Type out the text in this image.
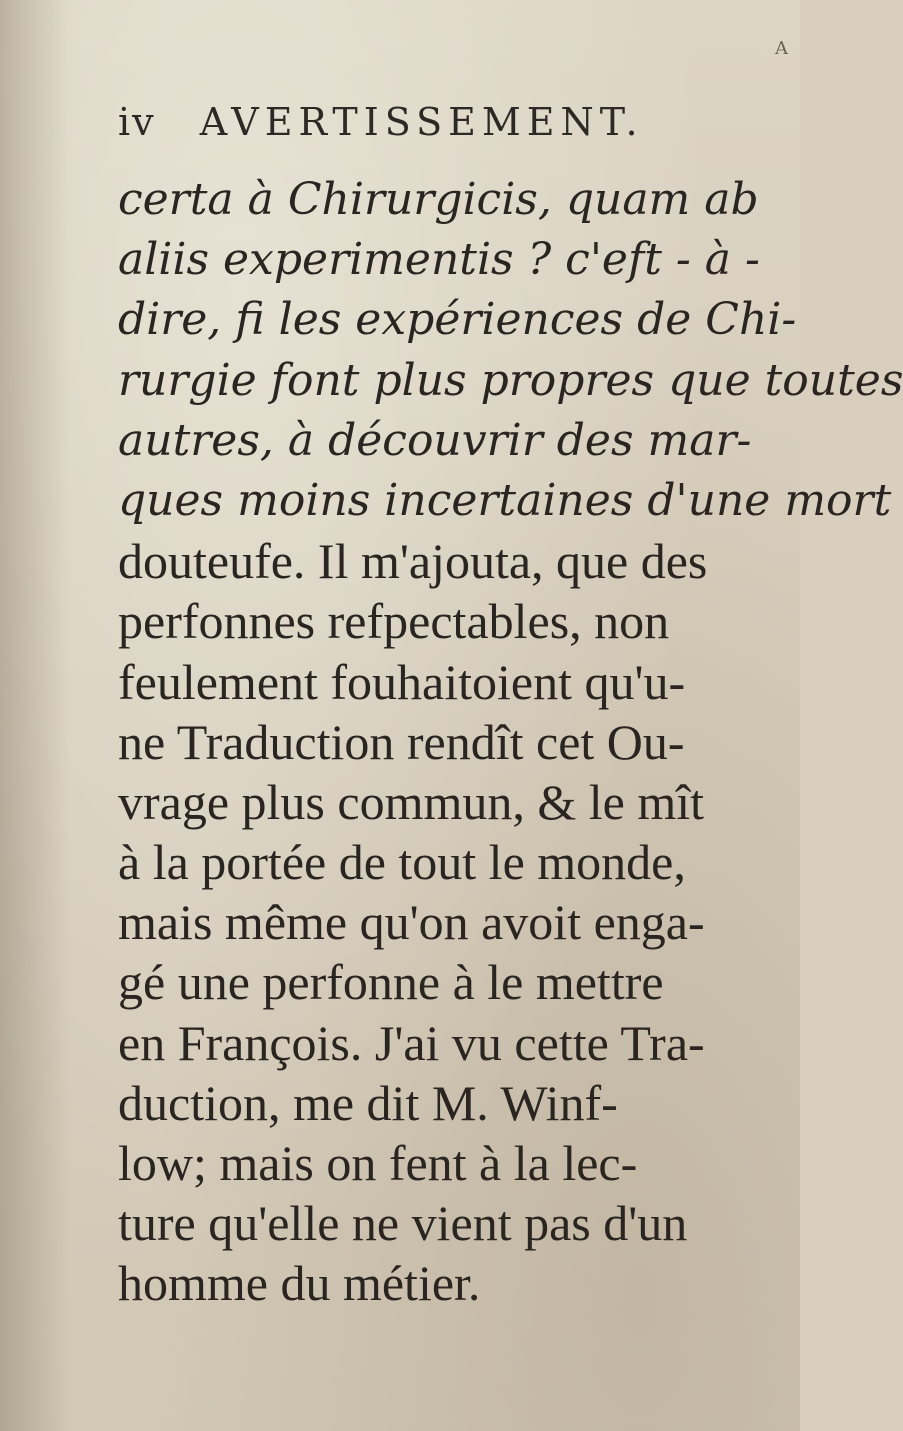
A
iv AVERTISSEMENT.
certa à Chirurgicis, quam ab
aliis experimentis ? c'eft - à -
dire, fi les expériences de Chi-
rurgie font plus propres que toutes
autres, à découvrir des mar-
ques moins incertaines d'une mort
douteufe. Il m'ajouta, que des
perfonnes refpectables, non
feulement fouhaitoient qu'u-
ne Traduction rendît cet Ou-
vrage plus commun, & le mît
à la portée de tout le monde,
mais même qu'on avoit enga-
gé une perfonne à le mettre
en François. J'ai vu cette Tra-
duction, me dit M. Winf-
low; mais on fent à la lec-
ture qu'elle ne vient pas d'un
homme du métier.
